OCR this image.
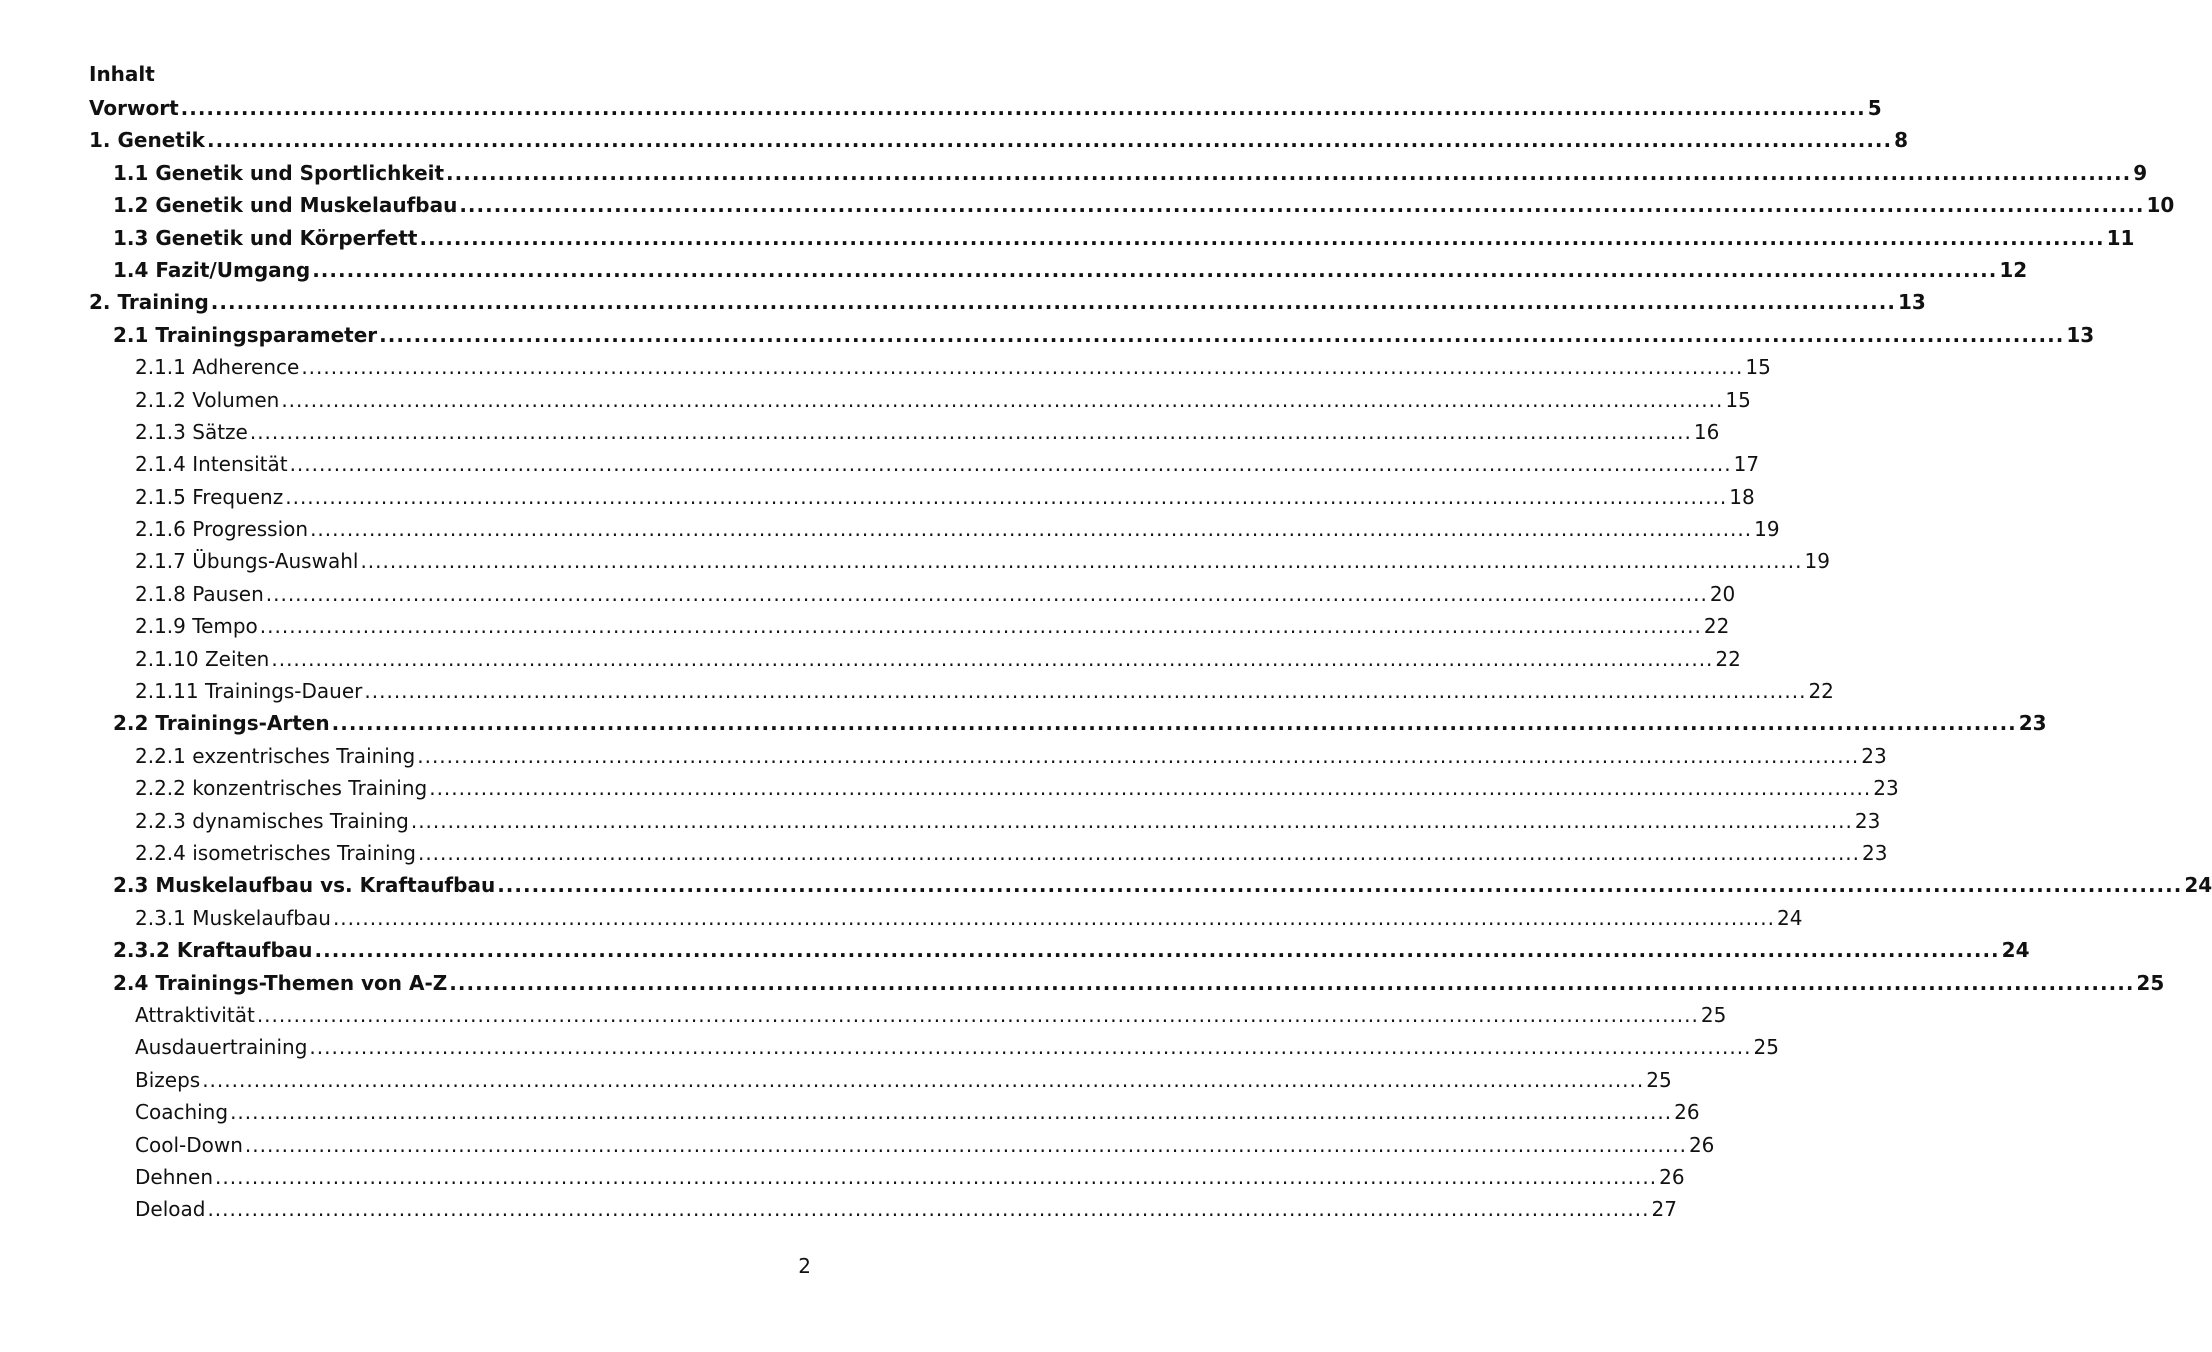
Inhalt
Vorwort .................................................................................................................................................................................................... 5
1. Genetik .................................................................................................................................................................................................... 8
1.1 Genetik und Sportlichkeit .................................................................................................................................................................................................... 9
1.2 Genetik und Muskelaufbau .................................................................................................................................................................................................... 10
1.3 Genetik und Körperfett .................................................................................................................................................................................................... 11
1.4 Fazit/Umgang .................................................................................................................................................................................................... 12
2. Training .................................................................................................................................................................................................... 13
2.1 Trainingsparameter .................................................................................................................................................................................................... 13
2.1.1 Adherence .................................................................................................................................................................................................... 15
2.1.2 Volumen .................................................................................................................................................................................................... 15
2.1.3 Sätze .................................................................................................................................................................................................... 16
2.1.4 Intensität .................................................................................................................................................................................................... 17
2.1.5 Frequenz .................................................................................................................................................................................................... 18
2.1.6 Progression .................................................................................................................................................................................................... 19
2.1.7 Übungs-Auswahl .................................................................................................................................................................................................... 19
2.1.8 Pausen .................................................................................................................................................................................................... 20
2.1.9 Tempo .................................................................................................................................................................................................... 22
2.1.10 Zeiten .................................................................................................................................................................................................... 22
2.1.11 Trainings-Dauer .................................................................................................................................................................................................... 22
2.2 Trainings-Arten .................................................................................................................................................................................................... 23
2.2.1 exzentrisches Training .................................................................................................................................................................................................... 23
2.2.2 konzentrisches Training .................................................................................................................................................................................................... 23
2.2.3 dynamisches Training .................................................................................................................................................................................................... 23
2.2.4 isometrisches Training .................................................................................................................................................................................................... 23
2.3 Muskelaufbau vs. Kraftaufbau .................................................................................................................................................................................................... 24
2.3.1 Muskelaufbau .................................................................................................................................................................................................... 24
2.3.2 Kraftaufbau .................................................................................................................................................................................................... 24
2.4 Trainings-Themen von A-Z .................................................................................................................................................................................................... 25
Attraktivität .................................................................................................................................................................................................... 25
Ausdauertraining .................................................................................................................................................................................................... 25
Bizeps .................................................................................................................................................................................................... 25
Coaching .................................................................................................................................................................................................... 26
Cool-Down .................................................................................................................................................................................................... 26
Dehnen .................................................................................................................................................................................................... 26
Deload .................................................................................................................................................................................................... 27
2
